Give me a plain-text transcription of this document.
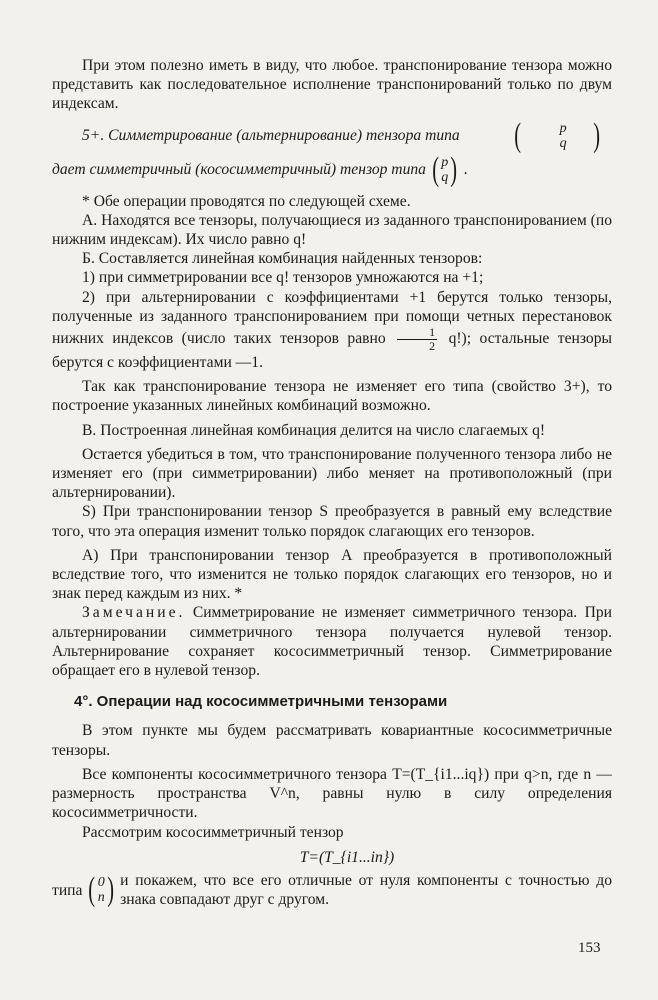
При этом полезно иметь в виду, что любое. транспонирование тензора можно представить как последовательное исполнение транспонирований только по двум индексам.

5+. Симметрирование (альтернирование) тензора типа	(	p
q )
дает симметричный (кососимметричный) тензор типа ( p
q ) .

* Обе операции проводятся по следующей схеме.

А. Находятся все тензоры, получающиеся из заданного транспонированием (по нижним индексам). Их число равно q!

Б. Составляется линейная комбинация найденных тензоров:

1) при симметрировании все q! тензоров умножаются на +1;

2) при альтернировании с коэффициентами +1 берутся только тензоры, полученные из заданного транспонированием при помощи четных перестановок нижних индексов (число таких тензоров равно $\frac{1}{2} q$!); остальные тензоры берутся с коэффициентами —1.

Так как транспонирование тензора не изменяет его типа (свойство 3+), то построение указанных линейных комбинаций возможно.

В. Построенная линейная комбинация делится на число слагаемых q!

Остается убедиться в том, что транспонирование полученного тензора либо не изменяет его (при симметрировании) либо меняет на противоположный (при альтернировании).

S) При транспонировании тензор S преобразуется в равный ему вследствие того, что эта операция изменит только порядок слагающих его тензоров.

A) При транспонировании тензор A преобразуется в противоположный вследствие того, что изменится не только порядок слагающих его тензоров, но и знак перед каждым из них. *

Замечание. Симметрирование не изменяет симметричного тензора. При альтернировании симметричного тензора получается нулевой тензор. Альтернирование сохраняет кососимметричный тензор. Симметрирование обращает его в нулевой тензор.

4°. Операции над кососимметричными тензорами

В этом пункте мы будем рассматривать ковариантные кососимметричные тензоры.

Все компоненты кососимметричного тензора T=(T_{i1...iq}) при q>n, где n — размерность пространства V^n, равны нулю в силу определения кососимметричности.

Рассмотрим кососимметричный тензор

T=(T_{i1...in})
типа ( 0
n ) и покажем, что все его отличные от нуля компоненты с точностью до знака совпадают друг с другом.
153
